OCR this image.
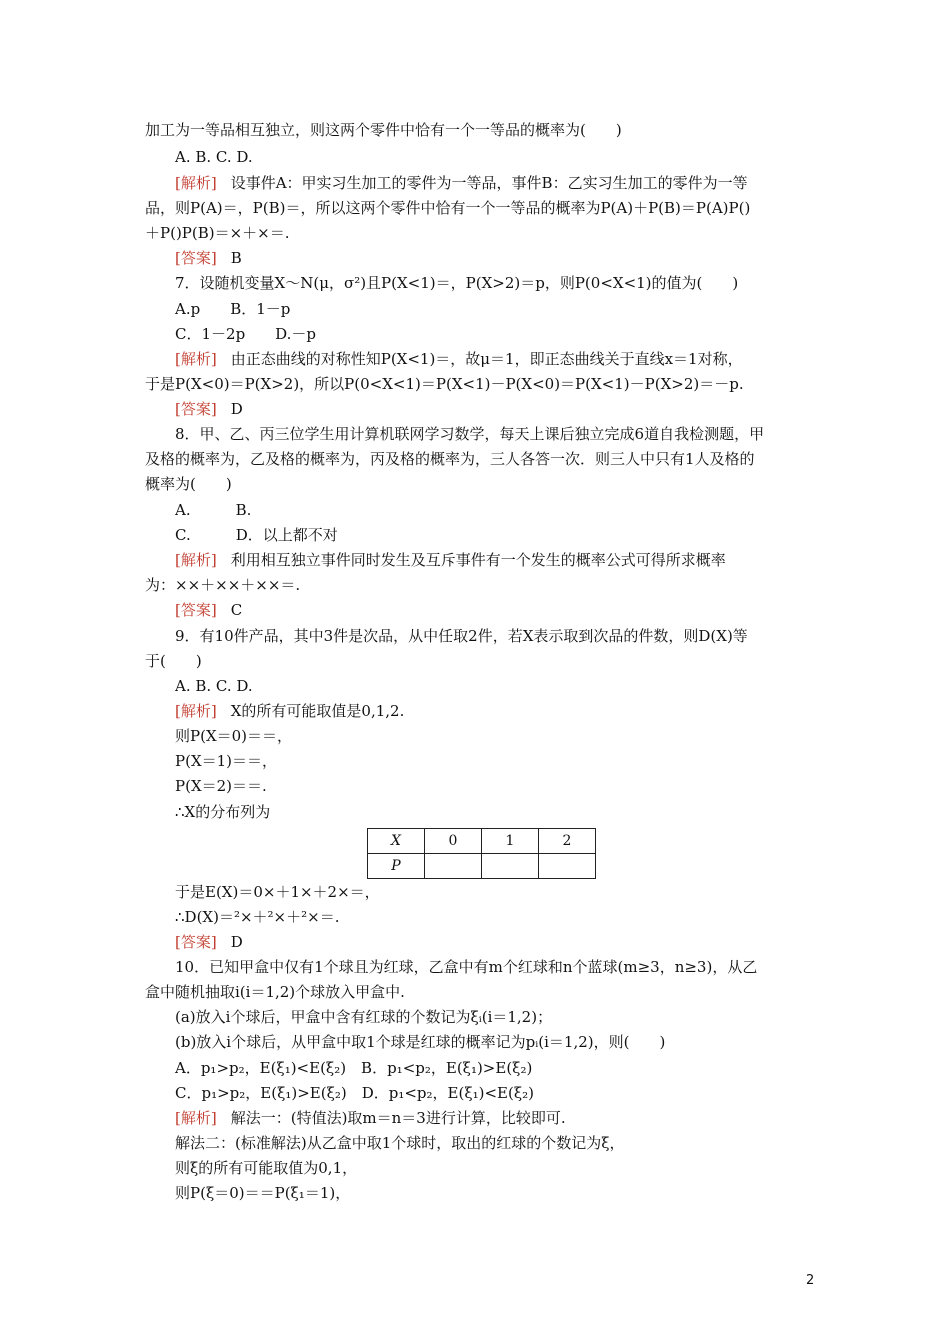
加工为一等品相互独立，则这两个零件中恰有一个一等品的概率为(　　)
A. B. C. D.
[解析] 设事件A：甲实习生加工的零件为一等品，事件B：乙实习生加工的零件为一等
品，则P(A)＝，P(B)＝，所以这两个零件中恰有一个一等品的概率为P(A)＋P(B)＝P(A)P()
＋P()P(B)＝×＋×＝.
[答案] B
7．设随机变量X～N(μ，σ²)且P(X<1)＝，P(X>2)＝p，则P(0<X<1)的值为(　　)
A.p　　B．1－p
C．1－2p　　D.－p
[解析] 由正态曲线的对称性知P(X<1)＝，故μ＝1，即正态曲线关于直线x＝1对称，
于是P(X<0)＝P(X>2)，所以P(0<X<1)＝P(X<1)－P(X<0)＝P(X<1)－P(X>2)＝－p.
[答案] D
8．甲、乙、丙三位学生用计算机联网学习数学，每天上课后独立完成6道自我检测题，甲
及格的概率为，乙及格的概率为，丙及格的概率为，三人各答一次．则三人中只有1人及格的
概率为(　　)
A.　　　B.
C.　　　D．以上都不对
[解析] 利用相互独立事件同时发生及互斥事件有一个发生的概率公式可得所求概率
为：××＋××＋××＝.
[答案] C
9．有10件产品，其中3件是次品，从中任取2件，若X表示取到次品的件数，则D(X)等
于(　　)
A. B. C. D.
[解析] X的所有可能取值是0,1,2.
则P(X＝0)＝＝，
P(X＝1)＝＝，
P(X＝2)＝＝.
∴X的分布列为
X	0	1	2
P			
于是E(X)＝0×＋1×＋2×＝，
∴D(X)＝²×＋²×＋²×＝.
[答案] D
10．已知甲盒中仅有1个球且为红球，乙盒中有m个红球和n个蓝球(m≥3，n≥3)，从乙
盒中随机抽取i(i＝1,2)个球放入甲盒中.
(a)放入i个球后，甲盒中含有红球的个数记为ξᵢ(i＝1,2)；
(b)放入i个球后，从甲盒中取1个球是红球的概率记为pᵢ(i＝1,2)，则(　　)
A．p₁>p₂，E(ξ₁)<E(ξ₂)　B．p₁<p₂，E(ξ₁)>E(ξ₂)
C．p₁>p₂，E(ξ₁)>E(ξ₂)　D．p₁<p₂，E(ξ₁)<E(ξ₂)
[解析] 解法一：(特值法)取m＝n＝3进行计算，比较即可.
解法二：(标准解法)从乙盒中取1个球时，取出的红球的个数记为ξ，
则ξ的所有可能取值为0,1，
则P(ξ＝0)＝＝P(ξ₁＝1)，
2
